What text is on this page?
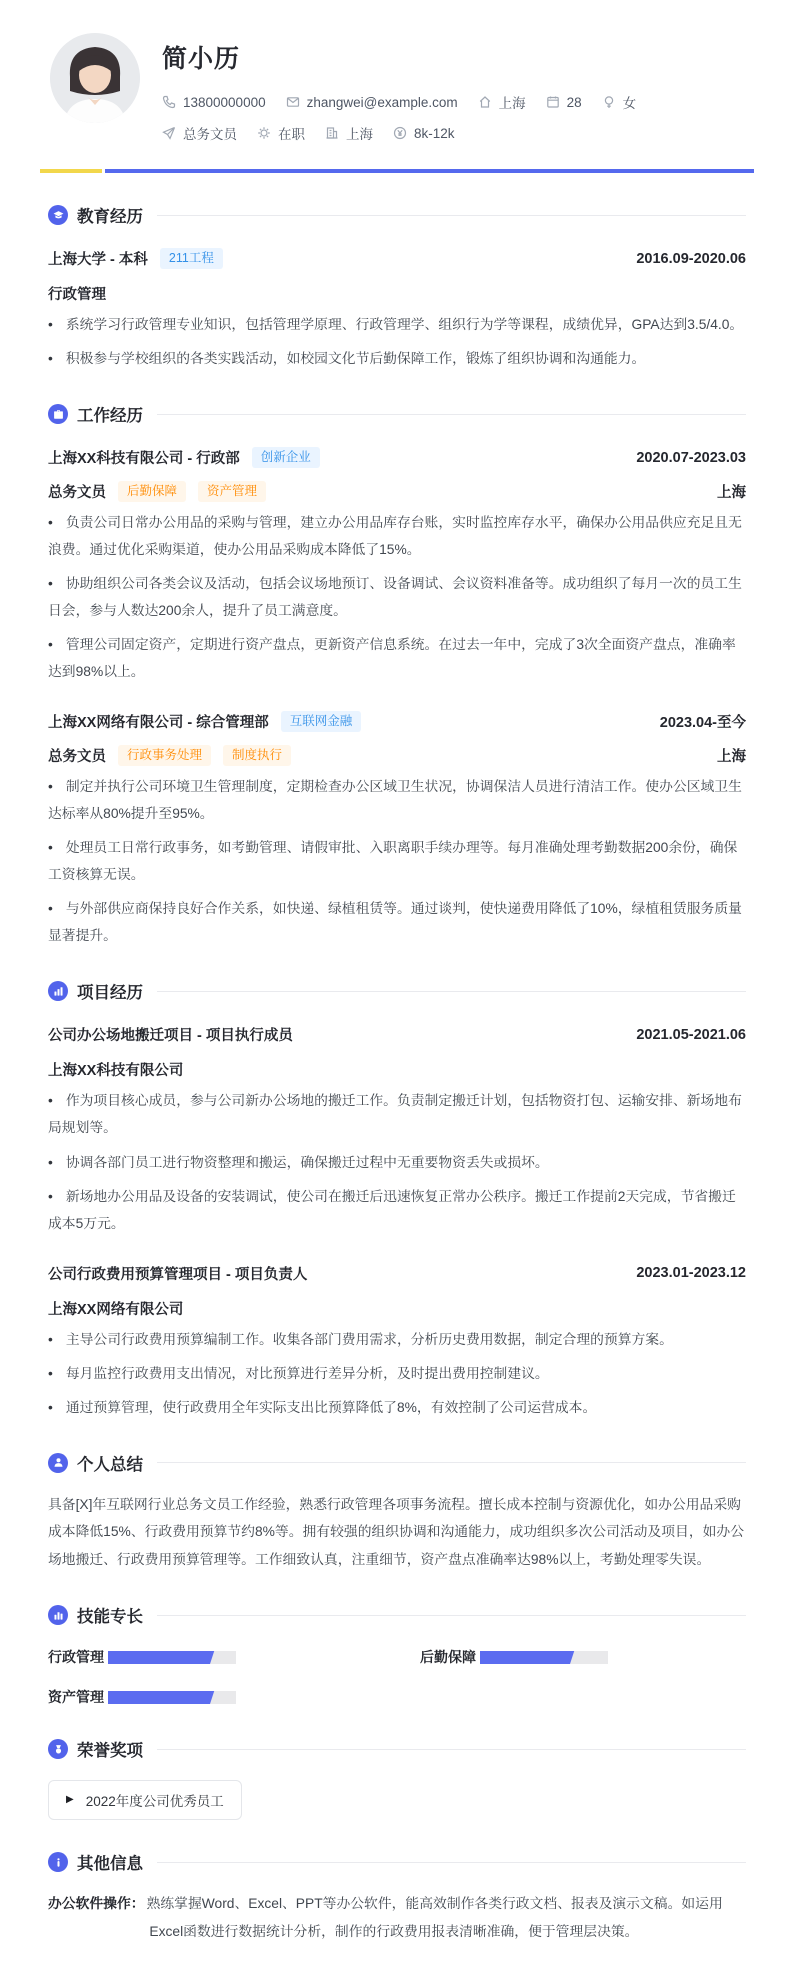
简小历
13800000000	zhangwei@example.com	上海	28	女
总务文员	在职	上海	8k-12k
教育经历
上海大学 - 本科	211工程	2016.09-2020.06
行政管理
• 系统学习行政管理专业知识，包括管理学原理、行政管理学、组织行为学等课程，成绩优异，GPA达到3.5/4.0。
• 积极参与学校组织的各类实践活动，如校园文化节后勤保障工作，锻炼了组织协调和沟通能力。
工作经历
上海XX科技有限公司 - 行政部	创新企业	2020.07-2023.03
总务文员	后勤保障	资产管理	上海
• 负责公司日常办公用品的采购与管理，建立办公用品库存台账，实时监控库存水平，确保办公用品供应充足且无浪费。通过优化采购渠道，使办公用品采购成本降低了15%。
• 协助组织公司各类会议及活动，包括会议场地预订、设备调试、会议资料准备等。成功组织了每月一次的员工生日会，参与人数达200余人，提升了员工满意度。
• 管理公司固定资产，定期进行资产盘点，更新资产信息系统。在过去一年中，完成了3次全面资产盘点，准确率达到98%以上。
上海XX网络有限公司 - 综合管理部	互联网金融	2023.04-至今
总务文员	行政事务处理	制度执行	上海
• 制定并执行公司环境卫生管理制度，定期检查办公区域卫生状况，协调保洁人员进行清洁工作。使办公区域卫生达标率从80%提升至95%。
• 处理员工日常行政事务，如考勤管理、请假审批、入职离职手续办理等。每月准确处理考勤数据200余份，确保工资核算无误。
• 与外部供应商保持良好合作关系，如快递、绿植租赁等。通过谈判，使快递费用降低了10%，绿植租赁服务质量显著提升。
项目经历
公司办公场地搬迁项目 - 项目执行成员	2021.05-2021.06
上海XX科技有限公司
• 作为项目核心成员，参与公司新办公场地的搬迁工作。负责制定搬迁计划，包括物资打包、运输安排、新场地布局规划等。
• 协调各部门员工进行物资整理和搬运，确保搬迁过程中无重要物资丢失或损坏。
• 新场地办公用品及设备的安装调试，使公司在搬迁后迅速恢复正常办公秩序。搬迁工作提前2天完成，节省搬迁成本5万元。
公司行政费用预算管理项目 - 项目负责人	2023.01-2023.12
上海XX网络有限公司
• 主导公司行政费用预算编制工作。收集各部门费用需求，分析历史费用数据，制定合理的预算方案。
• 每月监控行政费用支出情况，对比预算进行差异分析，及时提出费用控制建议。
• 通过预算管理，使行政费用全年实际支出比预算降低了8%，有效控制了公司运营成本。
个人总结
具备[X]年互联网行业总务文员工作经验，熟悉行政管理各项事务流程。擅长成本控制与资源优化，如办公用品采购成本降低15%、行政费用预算节约8%等。拥有较强的组织协调和沟通能力，成功组织多次公司活动及项目，如办公场地搬迁、行政费用预算管理等。工作细致认真，注重细节，资产盘点准确率达98%以上，考勤处理零失误。
技能专长
行政管理	后勤保障
资产管理
荣誉奖项
▶
2022年度公司优秀员工
其他信息
办公软件操作： 熟练掌握Word、Excel、PPT等办公软件，能高效制作各类行政文档、报表及演示文稿。如运用Excel函数进行数据统计分析，制作的行政费用报表清晰准确，便于管理层决策。
